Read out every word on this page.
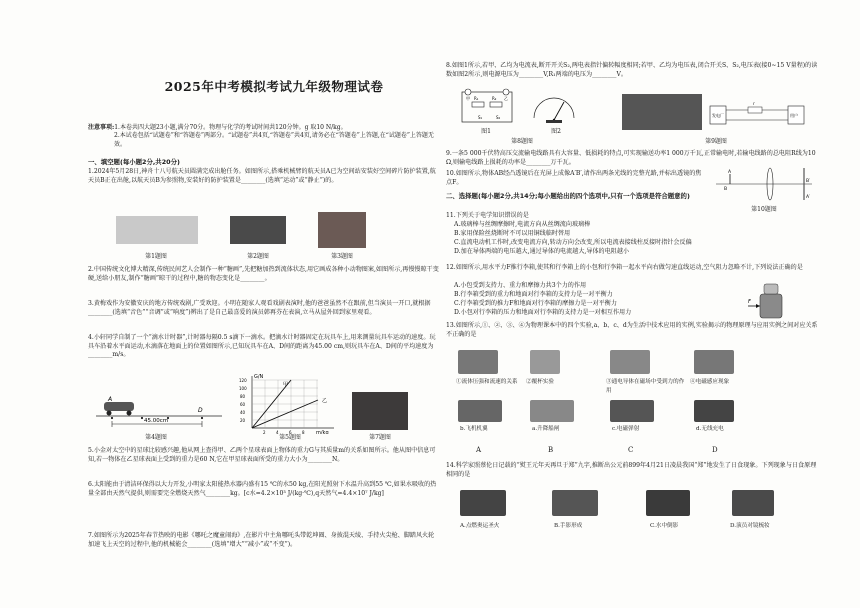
2025年中考模拟考试九年级物理试卷
注意事项:1.本卷共四大题23小题,满分70分。物理与化学的考试时间共120分钟。g 取10 N/kg。
2.本试卷包括“试题卷”和“答题卷”两部分。“试题卷”共4页,“答题卷”共4页,请务必在“答题卷”上答题,在“试题卷”上答题无效。
一、填空题(每小题2分,共20分)
1.2024年5月28日,神舟十八号航天员圆满完成出舱任务。如图所示,搭乘机械臂的航天员A已为空间站安装好空间碎片防护装置,航天员B正在出舱,以航天员B为参照物,安装好的防护装置是________(选填“运动”或“静止”)的。
第1题图	第2题图	第3题图
2.中国传统文化博大精深,传统民间艺人会制作一种“糖画”,先把糖加热到流体状态,用它画成各种小动物图案,如图所示,再慢慢晾干变硬,送给小朋友,制作“糖画”晾干的过程中,糖的物态变化是________。
3.黄梅戏作为安徽安庆的地方传统戏剧,广受欢迎。小明在随家人观看戏剧表演时,他的爸爸虽然不在跟前,但当演员一开口,就根据________(选填“音色”“音调”或“响度”)辨出了是自己最喜爱的演员韩再芬在表演,立马从屋外回到家里观看。
4.小轩同学自制了一个“滴水计时器”,计时器每隔0.5 s滴下一滴水。把滴水计时器固定在玩具车上,用来测量玩具车运动的速度。玩具车沿着水平面运动,水滴落在地面上的位置如图所示,已知玩具车在A、D间的距离为45.00 cm,则玩具车在A、D间的平均速度为________m/s。
45.00cm
A
D
第4题图
G/N
m/kg
甲
乙
20
40
60
80
100
120
2	4	6	8
第5题图	第7题图
5.小金对太空中的星球比较感兴趣,他从网上查得甲、乙两个星球表面上物体的重力G与其质量m的关系如图所示。他从图中信息可知,若一物体在乙星球表面上受到的重力是60 N,它在甲星球表面所受的重力大小为________N。
6.太阳能由于清洁环保得以大力开发,小明家太阳能热水器内盛有15 ℃的水50 kg,在阳光照射下水温升高到55 ℃,如果水吸收的热量全部由天然气提供,则需要完全燃烧天然气________kg。[c水=4.2×10³ J/(kg·℃),q天然气=4.4×10⁷ J/kg]
7.如图所示为2025年春节热映的电影《哪吒之魔童闹海》,在影片中主角哪吒头带乾坤圈、身披混天绫、手持火尖枪、脚踏风火轮加速飞上天空的过程中,他的机械能会________(选填“增大”“减小”或“不变”)。
8.如图1所示,若甲、乙均为电流表,断开开关S₂,两电表指针偏转幅度相同;若甲、乙均为电压表,闭合开关S、S₂,电压表(接0~15 V量程)的读数如图2所示,则电源电压为________V,R₁两端的电压为________V。
R₁	R₂
S₁	S₂
甲	乙
图1	图2
第8题图
发电厂	用户
r
第9题图
9.一条5 000千伏特高压交流输电线路具有大容量、低损耗的特点,可实现输送功率1 000万千瓦,正常输电时,若输电线路的总电阻R线为10 Ω,则输电线路上损耗的功率是________万千瓦。
10.如图所示,物体AB经凸透镜后在光屏上成像A′B′,请作出两条光线的完整光路,并标出透镜的焦点F。
A
B
A′
B′
第10题图
二、选择题(每小题2分,共14分;每小题给出的四个选项中,只有一个选项是符合题意的)
11.下列关于电学知识错误的是
A.玻璃棒与丝绸摩擦时,电流方向从丝绸流向玻璃棒
B.家用保险丝烧断时不可以用铜线临时替用
C.直流电动机工作时,改变电流方向,转动方向会改变,所以电流表接线柱反接时指针会反偏
D.加在导体两端的电压越大,通过导体的电流越大,导体的电阻越小
12.如图所示,用水平力F推行李箱,使其和行李箱上的小包和行李箱一起水平向右做匀速直线运动,空气阻力忽略不计,下列说法正确的是
A.小包受到支持力、重力和摩擦力共3个力的作用
B.行李箱受到的重力和地面对行李箱的支持力是一对平衡力
C.行李箱受到的推力F和地面对行李箱的摩擦力是一对平衡力
D.小包对行李箱的压力和地面对行李箱的支持力是一对相互作用力
F
13.如图所示,①、②、③、④为物理课本中的四个实验,a、b、c、d为生活中技术应用的实例,实验揭示的物理原理与应用实例之间对应关系不正确的是
①流体压强和流速的关系	②覆杯实验	③通电导体在磁场中受到力的作用
④电磁感应现象
b.飞机机翼	a.升降船闸	c.电磁弹射	d.无线充电
A	B	C	D
14.科学家照蔡伦日记载的“熨王元年天再旦于郑”九字,推断出公元前899年4月21日凌晨我国“郑”地发生了日食现象。下列现象与日食原理相同的是
A.点燃奥运圣火	B.手影形成	C.水中倒影	D.演员对镜梳妆
